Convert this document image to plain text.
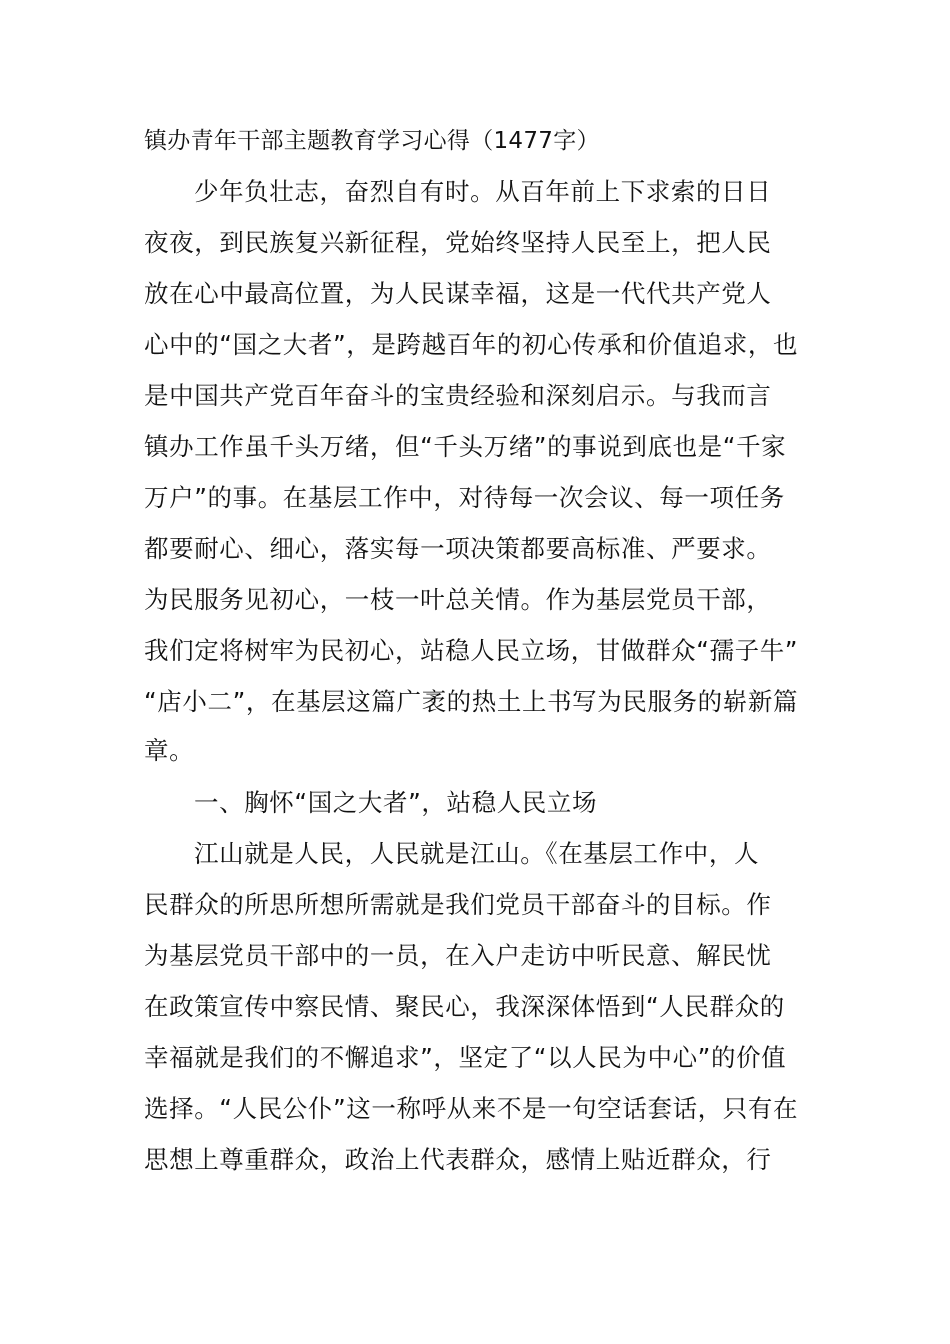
镇办青年干部主题教育学习心得（1477字）
少年负壮志，奋烈自有时。从百年前上下求索的日日
夜夜，到民族复兴新征程，党始终坚持人民至上，把人民
放在心中最高位置，为人民谋幸福，这是一代代共产党人
心中的“国之大者”，是跨越百年的初心传承和价值追求，也
是中国共产党百年奋斗的宝贵经验和深刻启示。与我而言
镇办工作虽千头万绪，但“千头万绪”的事说到底也是“千家
万户”的事。在基层工作中，对待每一次会议、每一项任务
都要耐心、细心，落实每一项决策都要高标准、严要求。
为民服务见初心，一枝一叶总关情。作为基层党员干部，
我们定将树牢为民初心，站稳人民立场，甘做群众“孺子牛”
“店小二”，在基层这篇广袤的热土上书写为民服务的崭新篇
章。
一、胸怀“国之大者”，站稳人民立场
江山就是人民，人民就是江山。《在基层工作中，人
民群众的所思所想所需就是我们党员干部奋斗的目标。作
为基层党员干部中的一员，在入户走访中听民意、解民忧
在政策宣传中察民情、聚民心，我深深体悟到“人民群众的
幸福就是我们的不懈追求”，坚定了“以人民为中心”的价值
选择。“人民公仆”这一称呼从来不是一句空话套话，只有在
思想上尊重群众，政治上代表群众，感情上贴近群众，行
